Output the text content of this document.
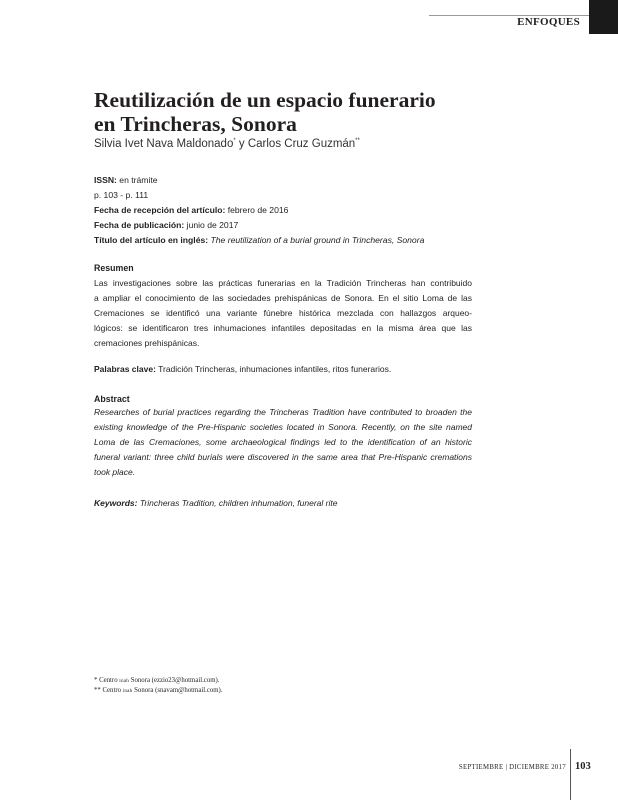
ENFOQUES
Reutilización de un espacio funerario
en Trincheras, Sonora
Silvia Ivet Nava Maldonado* y Carlos Cruz Guzmán**
ISSN: en trámite
p. 103 - p. 111
Fecha de recepción del artículo: febrero de 2016
Fecha de publicación: junio de 2017
Título del artículo en inglés: The reutilization of a burial ground in Trincheras, Sonora
Resumen
Las investigaciones sobre las prácticas funerarias en la Tradición Trincheras han contribuido
a ampliar el conocimiento de las sociedades prehispánicas de Sonora. En el sitio Loma de las
Cremaciones se identificó una variante fúnebre histórica mezclada con hallazgos arqueo-
lógicos: se identificaron tres inhumaciones infantiles depositadas en la misma área que las
cremaciones prehispánicas.
Palabras clave: Tradición Trincheras, inhumaciones infantiles, ritos funerarios.
Abstract
Researches of burial practices regarding the Trincheras Tradition have contributed to broaden the
existing knowledge of the Pre-Hispanic societies located in Sonora. Recently, on the site named
Loma de las Cremaciones, some archaeological findings led to the identification of an historic
funeral variant: three child burials were discovered in the same area that Pre-Hispanic cremations
took place.
Keywords: Trincheras Tradition, children inhumation, funeral rite
* Centro inah Sonora (ezzio23@hotmail.com).
** Centro inah Sonora (snavam@hotmail.com).
SEPTIEMBRE | DICIEMBRE 2017 103
